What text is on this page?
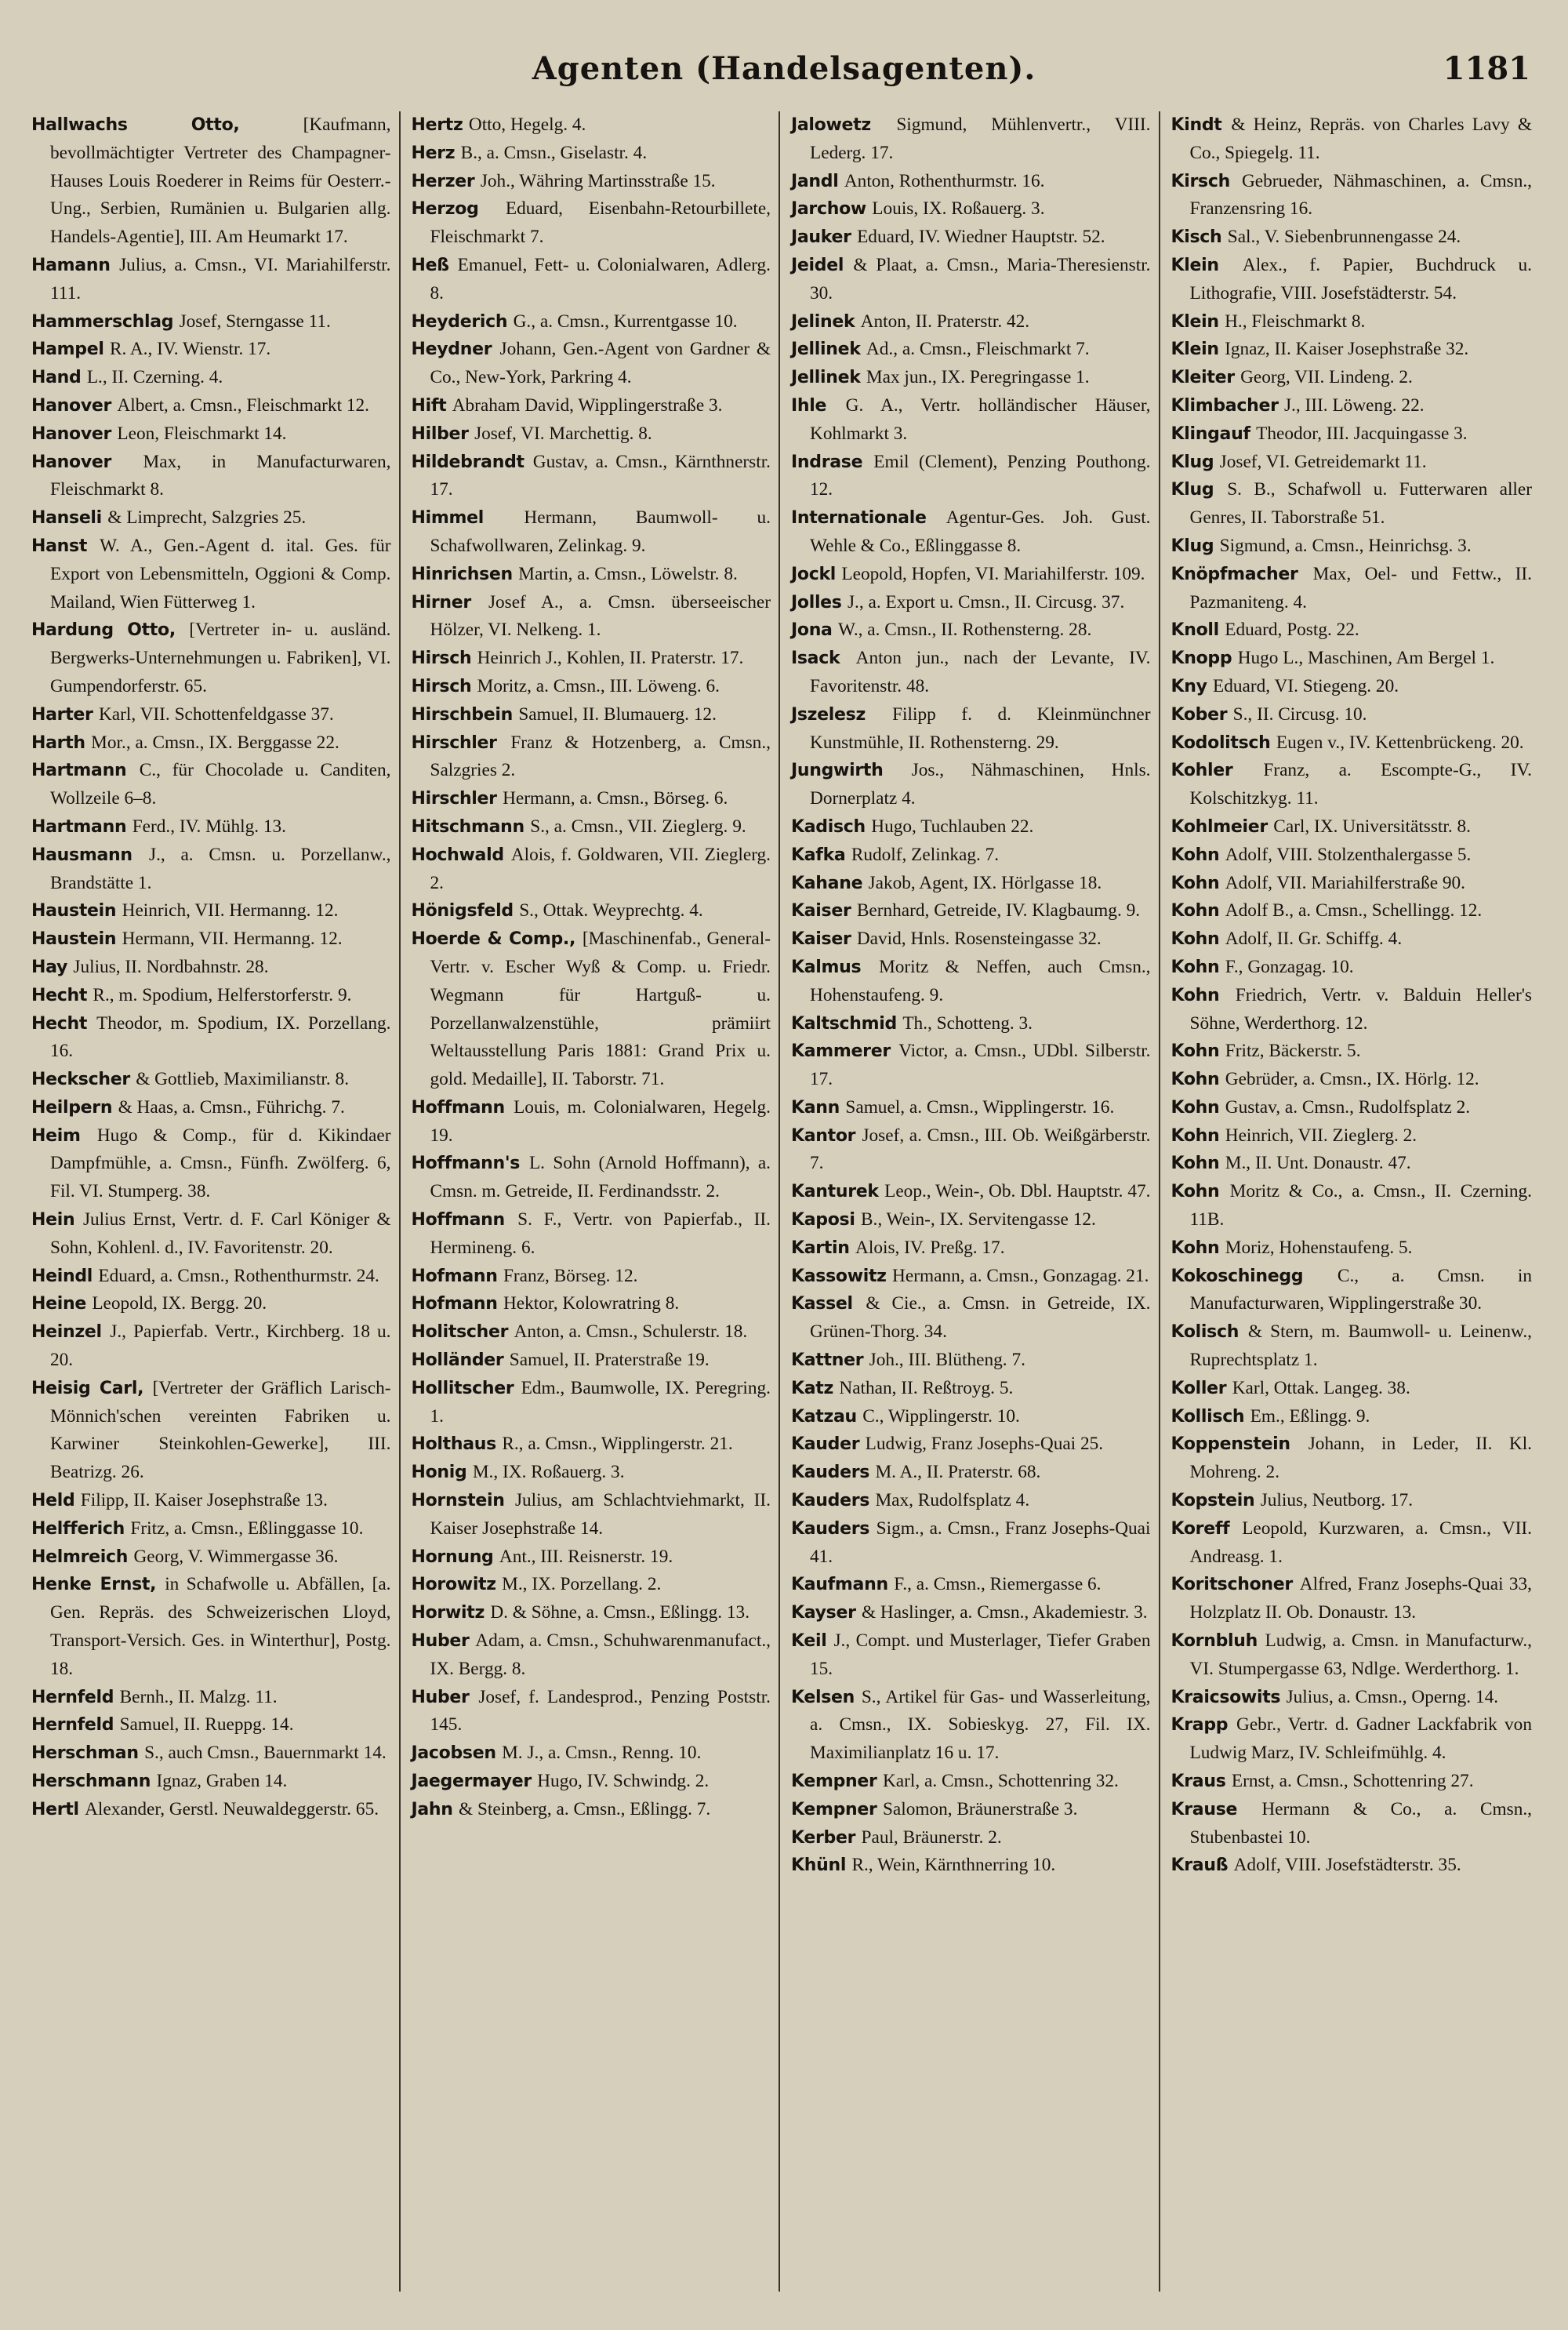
Agenten (Handelsagenten).	1181
Hallwachs Otto, [Kaufmann, bevollmächtigter Vertreter des Champagner-Hauses Louis Roederer in Reims für Oesterr.-Ung., Serbien, Rumänien u. Bulgarien allg. Handels-Agentie], III. Am Heumarkt 17.
Hamann Julius, a. Cmsn., VI. Mariahilferstr. 111.
Hammerschlag Josef, Sterngasse 11.
Hampel R. A., IV. Wienstr. 17.
Hand L., II. Czerning. 4.
Hanover Albert, a. Cmsn., Fleischmarkt 12.
Hanover Leon, Fleischmarkt 14.
Hanover Max, in Manufacturwaren, Fleischmarkt 8.
Hanseli & Limprecht, Salzgries 25.
Hanst W. A., Gen.-Agent d. ital. Ges. für Export von Lebensmitteln, Oggioni & Comp. Mailand, Wien Fütterweg 1.
Hardung Otto, [Vertreter in- u. ausländ. Bergwerks-Unternehmungen u. Fabriken], VI. Gumpendorferstr. 65.
Harter Karl, VII. Schottenfeldgasse 37.
Harth Mor., a. Cmsn., IX. Berggasse 22.
Hartmann C., für Chocolade u. Canditen, Wollzeile 6–8.
Hartmann Ferd., IV. Mühlg. 13.
Hausmann J., a. Cmsn. u. Porzellanw., Brandstätte 1.
Haustein Heinrich, VII. Hermanng. 12.
Haustein Hermann, VII. Hermanng. 12.
Hay Julius, II. Nordbahnstr. 28.
Hecht R., m. Spodium, Helferstorferstr. 9.
Hecht Theodor, m. Spodium, IX. Porzellang. 16.
Heckscher & Gottlieb, Maximilianstr. 8.
Heilpern & Haas, a. Cmsn., Führichg. 7.
Heim Hugo & Comp., für d. Kikindaer Dampfmühle, a. Cmsn., Fünfh. Zwölferg. 6, Fil. VI. Stumperg. 38.
Hein Julius Ernst, Vertr. d. F. Carl Königer & Sohn, Kohlenl. d., IV. Favoritenstr. 20.
Heindl Eduard, a. Cmsn., Rothenthurmstr. 24.
Heine Leopold, IX. Bergg. 20.
Heinzel J., Papierfab. Vertr., Kirchberg. 18 u. 20.
Heisig Carl, [Vertreter der Gräflich Larisch-Mönnich'schen vereinten Fabriken u. Karwiner Steinkohlen-Gewerke], III. Beatrizg. 26.
Held Filipp, II. Kaiser Josephstraße 13.
Helfferich Fritz, a. Cmsn., Eßlinggasse 10.
Helmreich Georg, V. Wimmergasse 36.
Henke Ernst, in Schafwolle u. Abfällen, [a. Gen. Repräs. des Schweizerischen Lloyd, Transport-Versich. Ges. in Winterthur], Postg. 18.
Hernfeld Bernh., II. Malzg. 11.
Hernfeld Samuel, II. Rueppg. 14.
Herschman S., auch Cmsn., Bauernmarkt 14.
Herschmann Ignaz, Graben 14.
Hertl Alexander, Gerstl. Neuwaldeggerstr. 65.
Hertz Otto, Hegelg. 4.
Herz B., a. Cmsn., Giselastr. 4.
Herzer Joh., Währing Martinsstraße 15.
Herzog Eduard, Eisenbahn-Retourbillete, Fleischmarkt 7.
Heß Emanuel, Fett- u. Colonialwaren, Adlerg. 8.
Heyderich G., a. Cmsn., Kurrentgasse 10.
Heydner Johann, Gen.-Agent von Gardner & Co., New-York, Parkring 4.
Hift Abraham David, Wipplingerstraße 3.
Hilber Josef, VI. Marchettig. 8.
Hildebrandt Gustav, a. Cmsn., Kärnthnerstr. 17.
Himmel Hermann, Baumwoll- u. Schafwollwaren, Zelinkag. 9.
Hinrichsen Martin, a. Cmsn., Löwelstr. 8.
Hirner Josef A., a. Cmsn. überseeischer Hölzer, VI. Nelkeng. 1.
Hirsch Heinrich J., Kohlen, II. Praterstr. 17.
Hirsch Moritz, a. Cmsn., III. Löweng. 6.
Hirschbein Samuel, II. Blumauerg. 12.
Hirschler Franz & Hotzenberg, a. Cmsn., Salzgries 2.
Hirschler Hermann, a. Cmsn., Börseg. 6.
Hitschmann S., a. Cmsn., VII. Zieglerg. 9.
Hochwald Alois, f. Goldwaren, VII. Zieglerg. 2.
Hönigsfeld S., Ottak. Weyprechtg. 4.
Hoerde & Comp., [Maschinenfab., General-Vertr. v. Escher Wyß & Comp. u. Friedr. Wegmann für Hartguß- u. Porzellanwalzenstühle, prämiirt Weltausstellung Paris 1881: Grand Prix u. gold. Medaille], II. Taborstr. 71.
Hoffmann Louis, m. Colonialwaren, Hegelg. 19.
Hoffmann's L. Sohn (Arnold Hoffmann), a. Cmsn. m. Getreide, II. Ferdinandsstr. 2.
Hoffmann S. F., Vertr. von Papierfab., II. Hermineng. 6.
Hofmann Franz, Börseg. 12.
Hofmann Hektor, Kolowratring 8.
Holitscher Anton, a. Cmsn., Schulerstr. 18.
Holländer Samuel, II. Praterstraße 19.
Hollitscher Edm., Baumwolle, IX. Peregring. 1.
Holthaus R., a. Cmsn., Wipplingerstr. 21.
Honig M., IX. Roßauerg. 3.
Hornstein Julius, am Schlachtviehmarkt, II. Kaiser Josephstraße 14.
Hornung Ant., III. Reisnerstr. 19.
Horowitz M., IX. Porzellang. 2.
Horwitz D. & Söhne, a. Cmsn., Eßlingg. 13.
Huber Adam, a. Cmsn., Schuhwarenmanufact., IX. Bergg. 8.
Huber Josef, f. Landesprod., Penzing Poststr. 145.
Jacobsen M. J., a. Cmsn., Renng. 10.
Jaegermayer Hugo, IV. Schwindg. 2.
Jahn & Steinberg, a. Cmsn., Eßlingg. 7.
Jalowetz Sigmund, Mühlenvertr., VIII. Lederg. 17.
Jandl Anton, Rothenthurmstr. 16.
Jarchow Louis, IX. Roßauerg. 3.
Jauker Eduard, IV. Wiedner Hauptstr. 52.
Jeidel & Plaat, a. Cmsn., Maria-Theresienstr. 30.
Jelinek Anton, II. Praterstr. 42.
Jellinek Ad., a. Cmsn., Fleischmarkt 7.
Jellinek Max jun., IX. Peregringasse 1.
Ihle G. A., Vertr. holländischer Häuser, Kohlmarkt 3.
Indrase Emil (Clement), Penzing Pouthong. 12.
Internationale Agentur-Ges. Joh. Gust. Wehle & Co., Eßlinggasse 8.
Jockl Leopold, Hopfen, VI. Mariahilferstr. 109.
Jolles J., a. Export u. Cmsn., II. Circusg. 37.
Jona W., a. Cmsn., II. Rothensterng. 28.
Isack Anton jun., nach der Levante, IV. Favoritenstr. 48.
Jszelesz Filipp f. d. Kleinmünchner Kunstmühle, II. Rothensterng. 29.
Jungwirth Jos., Nähmaschinen, Hnls. Dornerplatz 4.
Kadisch Hugo, Tuchlauben 22.
Kafka Rudolf, Zelinkag. 7.
Kahane Jakob, Agent, IX. Hörlgasse 18.
Kaiser Bernhard, Getreide, IV. Klagbaumg. 9.
Kaiser David, Hnls. Rosensteingasse 32.
Kalmus Moritz & Neffen, auch Cmsn., Hohenstaufeng. 9.
Kaltschmid Th., Schotteng. 3.
Kammerer Victor, a. Cmsn., UDbl. Silberstr. 17.
Kann Samuel, a. Cmsn., Wipplingerstr. 16.
Kantor Josef, a. Cmsn., III. Ob. Weißgärberstr. 7.
Kanturek Leop., Wein-, Ob. Dbl. Hauptstr. 47.
Kaposi B., Wein-, IX. Servitengasse 12.
Kartin Alois, IV. Preßg. 17.
Kassowitz Hermann, a. Cmsn., Gonzagag. 21.
Kassel & Cie., a. Cmsn. in Getreide, IX. Grünen-Thorg. 34.
Kattner Joh., III. Blütheng. 7.
Katz Nathan, II. Reßtroyg. 5.
Katzau C., Wipplingerstr. 10.
Kauder Ludwig, Franz Josephs-Quai 25.
Kauders M. A., II. Praterstr. 68.
Kauders Max, Rudolfsplatz 4.
Kauders Sigm., a. Cmsn., Franz Josephs-Quai 41.
Kaufmann F., a. Cmsn., Riemergasse 6.
Kayser & Haslinger, a. Cmsn., Akademiestr. 3.
Keil J., Compt. und Musterlager, Tiefer Graben 15.
Kelsen S., Artikel für Gas- und Wasserleitung, a. Cmsn., IX. Sobieskyg. 27, Fil. IX. Maximilianplatz 16 u. 17.
Kempner Karl, a. Cmsn., Schottenring 32.
Kempner Salomon, Bräunerstraße 3.
Kerber Paul, Bräunerstr. 2.
Khünl R., Wein, Kärnthnerring 10.
Kindt & Heinz, Repräs. von Charles Lavy & Co., Spiegelg. 11.
Kirsch Gebrueder, Nähmaschinen, a. Cmsn., Franzensring 16.
Kisch Sal., V. Siebenbrunnengasse 24.
Klein Alex., f. Papier, Buchdruck u. Lithografie, VIII. Josefstädterstr. 54.
Klein H., Fleischmarkt 8.
Klein Ignaz, II. Kaiser Josephstraße 32.
Kleiter Georg, VII. Lindeng. 2.
Klimbacher J., III. Löweng. 22.
Klingauf Theodor, III. Jacquingasse 3.
Klug Josef, VI. Getreidemarkt 11.
Klug S. B., Schafwoll u. Futterwaren aller Genres, II. Taborstraße 51.
Klug Sigmund, a. Cmsn., Heinrichsg. 3.
Knöpfmacher Max, Oel- und Fettw., II. Pazmaniteng. 4.
Knoll Eduard, Postg. 22.
Knopp Hugo L., Maschinen, Am Bergel 1.
Kny Eduard, VI. Stiegeng. 20.
Kober S., II. Circusg. 10.
Kodolitsch Eugen v., IV. Kettenbrückeng. 20.
Kohler Franz, a. Escompte-G., IV. Kolschitzkyg. 11.
Kohlmeier Carl, IX. Universitätsstr. 8.
Kohn Adolf, VIII. Stolzenthalergasse 5.
Kohn Adolf, VII. Mariahilferstraße 90.
Kohn Adolf B., a. Cmsn., Schellingg. 12.
Kohn Adolf, II. Gr. Schiffg. 4.
Kohn F., Gonzagag. 10.
Kohn Friedrich, Vertr. v. Balduin Heller's Söhne, Werderthorg. 12.
Kohn Fritz, Bäckerstr. 5.
Kohn Gebrüder, a. Cmsn., IX. Hörlg. 12.
Kohn Gustav, a. Cmsn., Rudolfsplatz 2.
Kohn Heinrich, VII. Zieglerg. 2.
Kohn M., II. Unt. Donaustr. 47.
Kohn Moritz & Co., a. Cmsn., II. Czerning. 11B.
Kohn Moriz, Hohenstaufeng. 5.
Kokoschinegg C., a. Cmsn. in Manufacturwaren, Wipplingerstraße 30.
Kolisch & Stern, m. Baumwoll- u. Leinenw., Ruprechtsplatz 1.
Koller Karl, Ottak. Langeg. 38.
Kollisch Em., Eßlingg. 9.
Koppenstein Johann, in Leder, II. Kl. Mohreng. 2.
Kopstein Julius, Neutborg. 17.
Koreff Leopold, Kurzwaren, a. Cmsn., VII. Andreasg. 1.
Koritschoner Alfred, Franz Josephs-Quai 33, Holzplatz II. Ob. Donaustr. 13.
Kornbluh Ludwig, a. Cmsn. in Manufacturw., VI. Stumpergasse 63, Ndlge. Werderthorg. 1.
Kraicsowits Julius, a. Cmsn., Operng. 14.
Krapp Gebr., Vertr. d. Gadner Lackfabrik von Ludwig Marz, IV. Schleifmühlg. 4.
Kraus Ernst, a. Cmsn., Schottenring 27.
Krause Hermann & Co., a. Cmsn., Stubenbastei 10.
Krauß Adolf, VIII. Josefstädterstr. 35.
